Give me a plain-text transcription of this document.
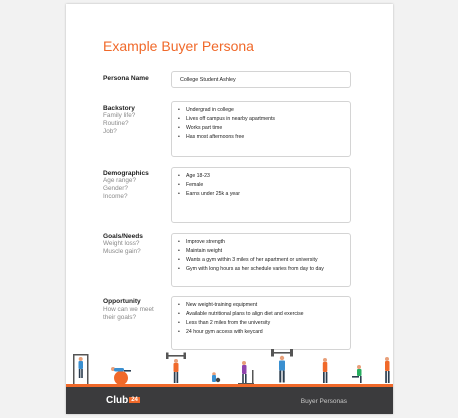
Example Buyer Persona
Persona Name	College Student Ashley
Backstory
Family life?
Routine?
Job?
• Undergrad in college
• Lives off campus in nearby apartments
• Works part time
• Has most afternoons free
Demographics
Age range?
Gender?
Income?
• Age 18-23
• Female
• Earns under 25k a year
Goals/Needs
Weight loss?
Muscle gain?
• Improve strength
• Maintain weight
• Wants a gym within 3 miles of her apartment or university
• Gym with long hours as her schedule varies from day to day
Opportunity
How can we meet
their goals?
• New weight-training equipment
• Available nutritional plans to align diet and exercise
• Less than 2 miles from the university
• 24 hour gym access with keycard
Club 24	Buyer Personas
